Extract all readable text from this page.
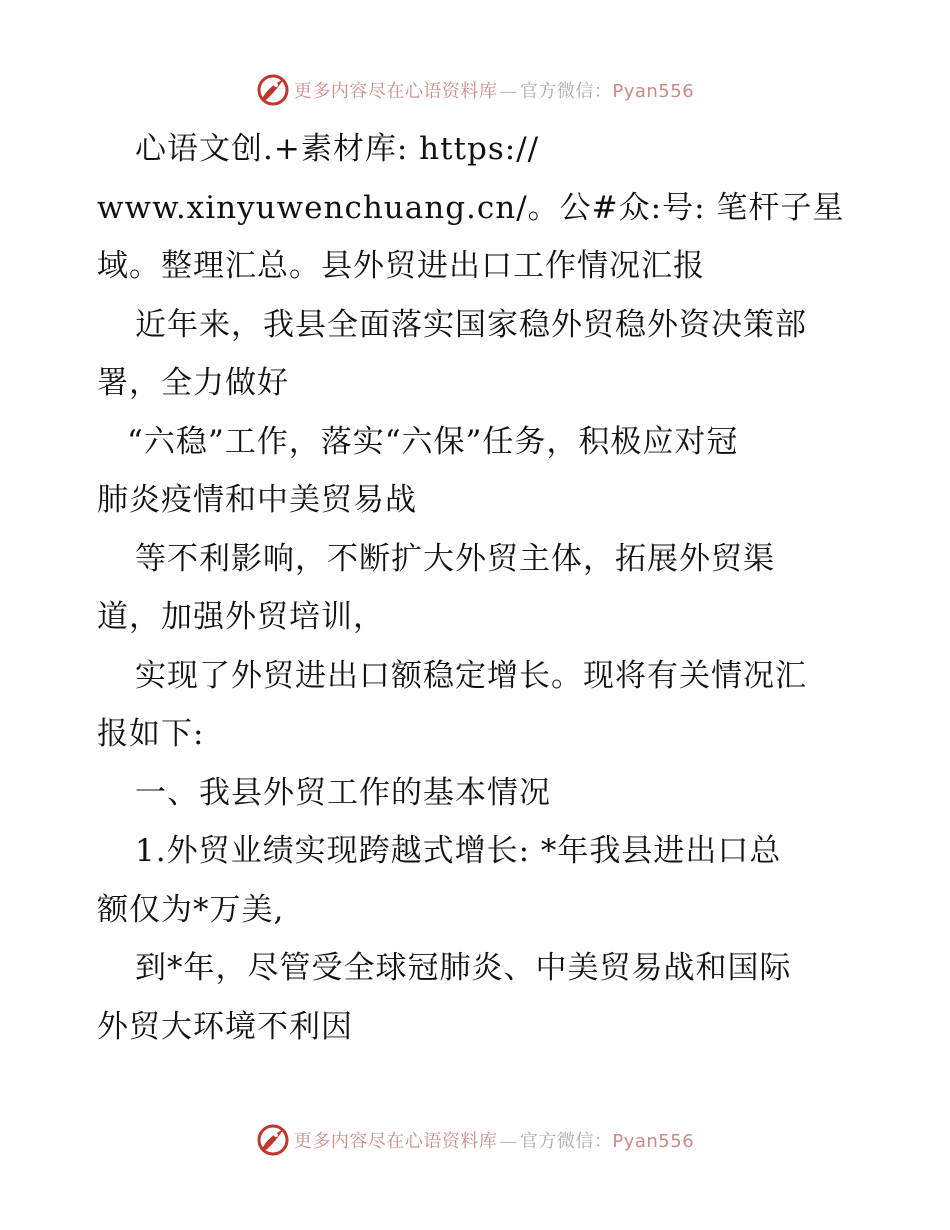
更多内容尽在心语资料库 — 官方微信：Pyan556
心语文创.+素材库: https://
www.xinyuwenchuang.cn/。公#众:号: 笔杆子星
域。整理汇总。县外贸进出口工作情况汇报
近年来，我县全面落实国家稳外贸稳外资决策部
署，全力做好
“六稳”工作，落实“六保”任务，积极应对冠
肺炎疫情和中美贸易战
等不利影响，不断扩大外贸主体，拓展外贸渠
道，加强外贸培训，
实现了外贸进出口额稳定增长。现将有关情况汇
报如下:
一、我县外贸工作的基本情况
1.外贸业绩实现跨越式增长: *年我县进出口总
额仅为*万美,
到*年，尽管受全球冠肺炎、中美贸易战和国际
外贸大环境不利因
更多内容尽在心语资料库 — 官方微信：Pyan556
